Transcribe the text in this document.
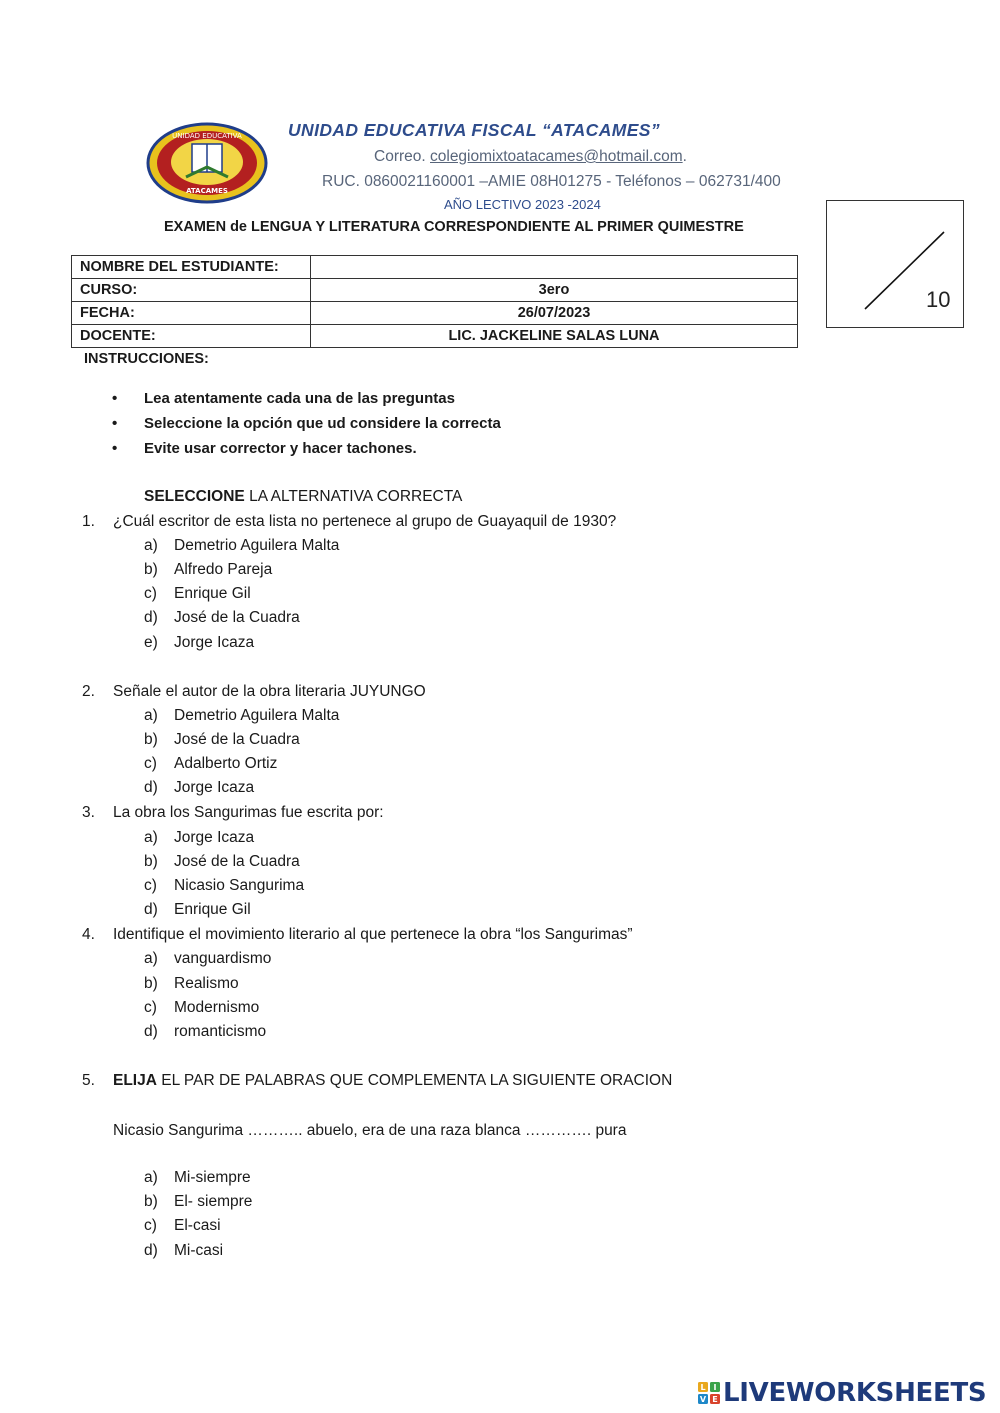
UNIDAD EDUCATIVA
ATACAMES
UNIDAD EDUCATIVA FISCAL “ATACAMES”
Correo. colegiomixtoatacames@hotmail.com.
RUC. 0860021160001 –AMIE 08H01275 - Teléfonos – 062731/400
AÑO LECTIVO 2023 -2024
EXAMEN de LENGUA Y LITERATURA CORRESPONDIENTE AL PRIMER QUIMESTRE
10
NOMBRE DEL ESTUDIANTE:	
CURSO:	3ero
FECHA:	26/07/2023
DOCENTE:	LIC. JACKELINE SALAS LUNA
INSTRUCCIONES:
• Lea atentamente cada una de las preguntas
• Seleccione la opción que ud considere la correcta
• Evite usar corrector y hacer tachones.
SELECCIONE LA ALTERNATIVA CORRECTA
1. ¿Cuál escritor de esta lista no pertenece al grupo de Guayaquil de 1930?
a) Demetrio Aguilera Malta
b) Alfredo Pareja
c) Enrique Gil
d) José de la Cuadra
e) Jorge Icaza
2. Señale el autor de la obra literaria JUYUNGO
a) Demetrio Aguilera Malta
b) José de la Cuadra
c) Adalberto Ortiz
d) Jorge Icaza
3. La obra los Sangurimas fue escrita por:
a) Jorge Icaza
b) José de la Cuadra
c) Nicasio Sangurima
d) Enrique Gil
4. Identifique el movimiento literario al que pertenece la obra “los Sangurimas”
a) vanguardismo
b) Realismo
c) Modernismo
d) romanticismo
5. ELIJA EL PAR DE PALABRAS QUE COMPLEMENTA LA SIGUIENTE ORACION
Nicasio Sangurima ……….. abuelo, era de una raza blanca …………. pura
a) Mi-siempre
b) El- siempre
c) El-casi
d) Mi-casi
L I
V E LIVEWORKSHEETS
